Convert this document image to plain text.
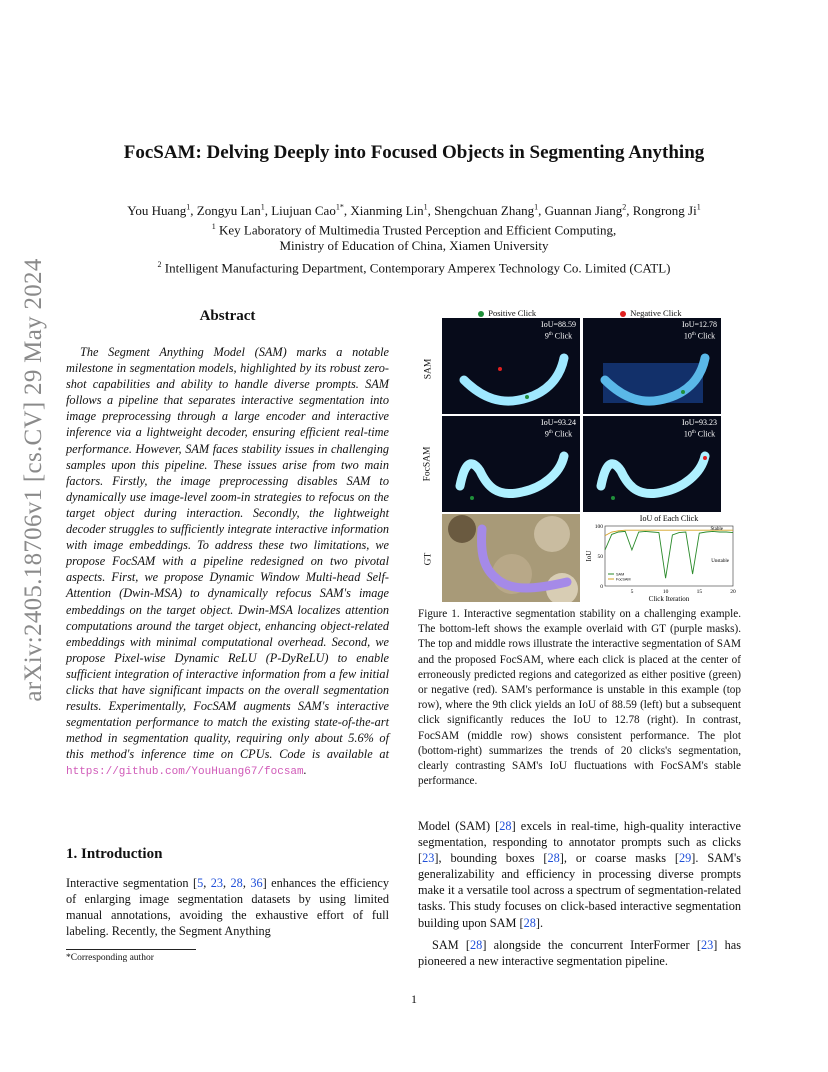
arXiv:2405.18706v1 [cs.CV] 29 May 2024
FocSAM: Delving Deeply into Focused Objects in Segmenting Anything
You Huang$^1$, Zongyu Lan$^1$, Liujuan Cao$^{1*}$, Xianming Lin$^1$, Shengchuan Zhang$^1$, Guannan Jiang$^2$, Rongrong Ji$^1$
$^1$ Key Laboratory of Multimedia Trusted Perception and Efficient Computing,
Ministry of Education of China, Xiamen University
$^2$ Intelligent Manufacturing Department, Contemporary Amperex Technology Co. Limited (CATL)
Abstract
The Segment Anything Model (SAM) marks a notable milestone in segmentation models, highlighted by its robust zero-shot capabilities and ability to handle diverse prompts. SAM follows a pipeline that separates interactive segmentation into image preprocessing through a large encoder and interactive inference via a lightweight decoder, ensuring efficient real-time performance. However, SAM faces stability issues in challenging samples upon this pipeline. These issues arise from two main factors. Firstly, the image preprocessing disables SAM to dynamically use image-level zoom-in strategies to refocus on the target object during interaction. Secondly, the lightweight decoder struggles to sufficiently integrate interactive information with image embeddings. To address these two limitations, we propose FocSAM with a pipeline redesigned on two pivotal aspects. First, we propose Dynamic Window Multi-head Self-Attention (Dwin-MSA) to dynamically refocus SAM's image embeddings on the target object. Dwin-MSA localizes attention computations around the target object, enhancing object-related embeddings with minimal computational overhead. Second, we propose Pixel-wise Dynamic ReLU (P-DyReLU) to enable sufficient integration of interactive information from a few initial clicks that have significant impacts on the overall segmentation results. Experimentally, FocSAM augments SAM's interactive segmentation performance to match the existing state-of-the-art method in segmentation quality, requiring only about 5.6% of this method's inference time on CPUs. Code is available at https://github.com/YouHuang67/focsam.
1. Introduction
Interactive segmentation [5, 23, 28, 36] enhances the efficiency of enlarging image segmentation datasets by using limited manual annotations, avoiding the exhaustive effort of full labeling. Recently, the Segment Anything
*Corresponding author
1
Positive Click	Negative Click
SAM
FocSAM
GT
IoU=88.59
9th Click
IoU=12.78
10th Click
IoU=93.24
9th Click
IoU=93.23
10th Click
IoU of Each Click
0
50
100
5	10	15	20
Click Iteration
IoU
SAM
FocSAM
Stable
Unstable
Figure 1. Interactive segmentation stability on a challenging example. The bottom-left shows the example overlaid with GT (purple masks). The top and middle rows illustrate the interactive segmentation of SAM and the proposed FocSAM, where each click is placed at the center of erroneously predicted regions and categorized as either positive (green) or negative (red). SAM's performance is unstable in this example (top row), where the 9th click yields an IoU of 88.59 (left) but a subsequent click significantly reduces the IoU to 12.78 (right). In contrast, FocSAM (middle row) shows consistent performance. The plot (bottom-right) summarizes the trends of 20 clicks's segmentation, clearly contrasting SAM's IoU fluctuations with FocSAM's stable performance.

Model (SAM) [28] excels in real-time, high-quality interactive segmentation, responding to annotator prompts such as clicks [23], bounding boxes [28], or coarse masks [29]. SAM's generalizability and efficiency in processing diverse prompts make it a versatile tool across a spectrum of segmentation-related tasks. This study focuses on click-based interactive segmentation building upon SAM [28].

SAM [28] alongside the concurrent InterFormer [23] has pioneered a new interactive segmentation pipeline.
